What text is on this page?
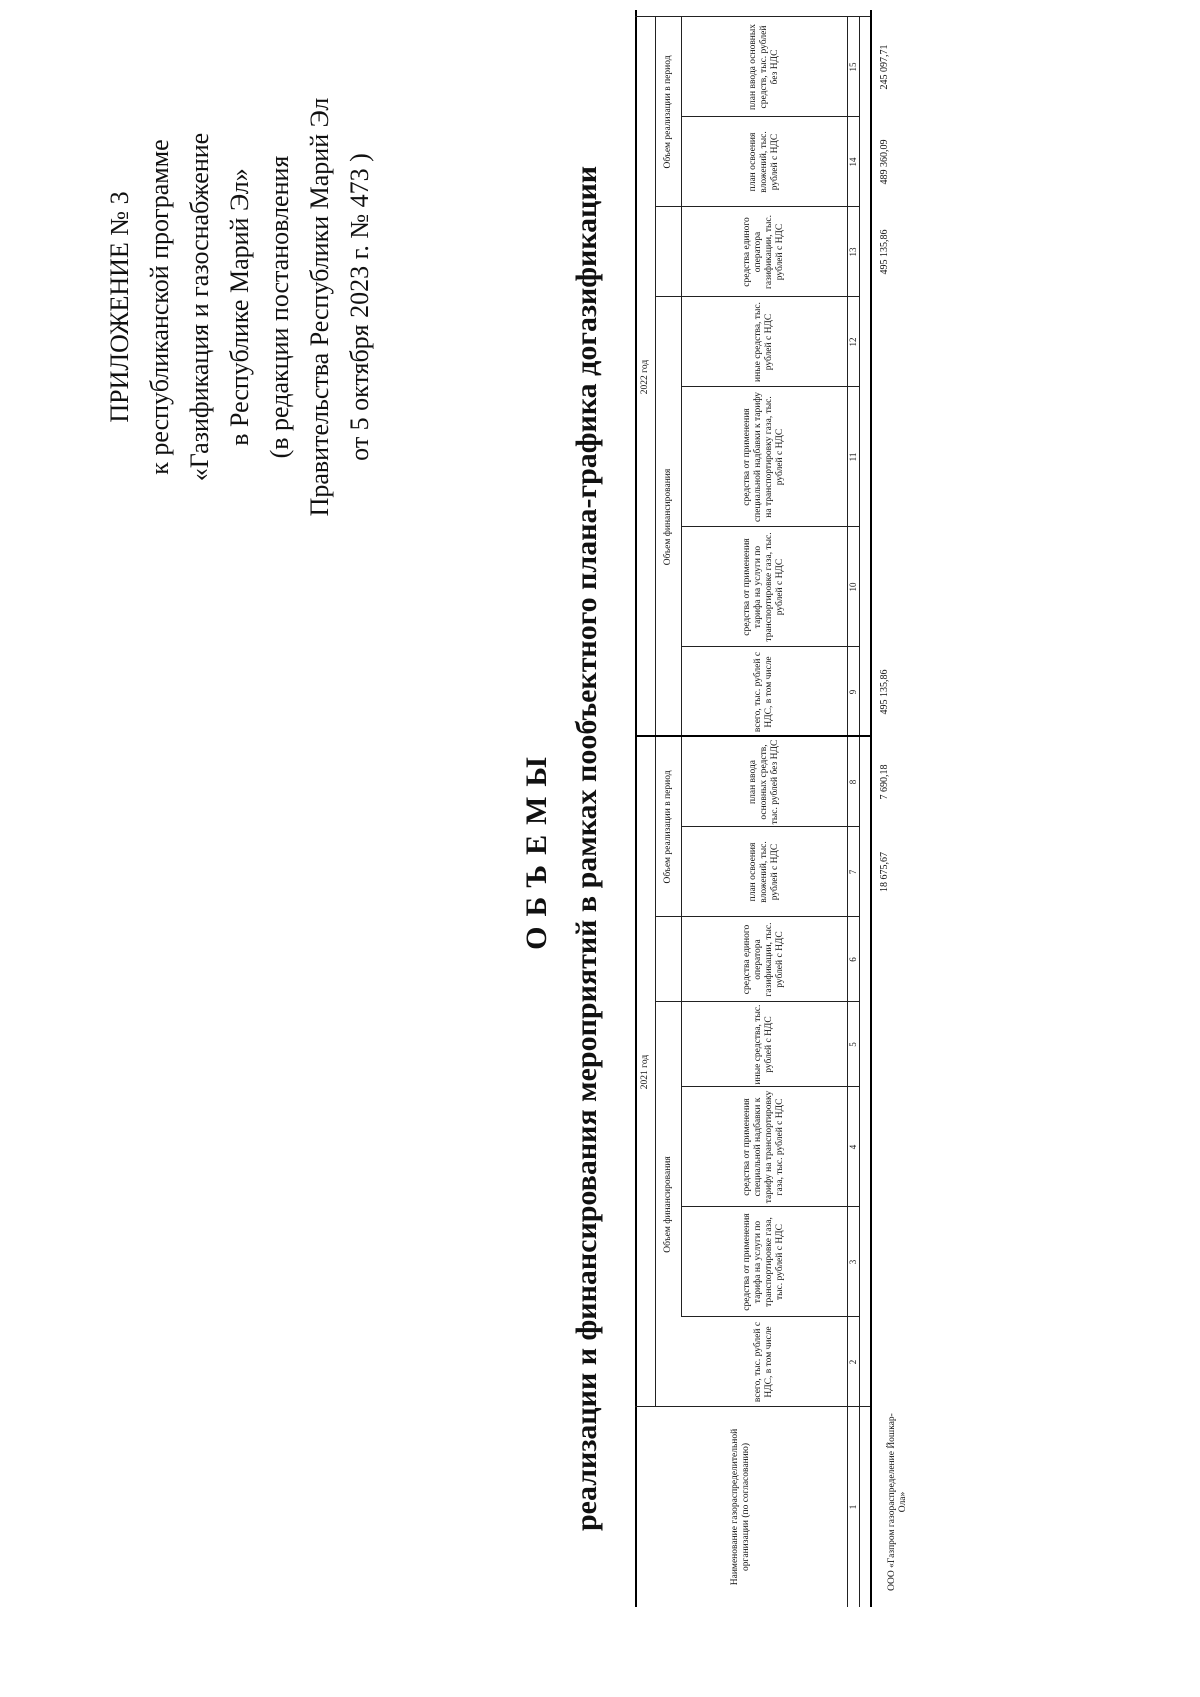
ПРИЛОЖЕНИЕ № 3 к республиканской программе «Газификация и газоснабжение в Республике Марий Эл» (в редакции постановления Правительства Республики Марий Эл от 5 октября 2023 г. № 473 )
ОБЪЕМЫ реализации и финансирования мероприятий в рамках пообъектного плана-графика догазификации	Наименование газораспределительной организации (по согласованию)
2021 год
2022 год
Объем финансирования
Объем реализации в период
Объем финансирования
Объем реализации в период
всего, тыс. рублей с НДС, в том числе
средства от применения тарифа на услуги по транспортировке газа, тыс. рублей с НДС
средства от применения специальной надбавки к тарифу на транспортировку газа, тыс. рублей с НДС
иные средства, тыс. рублей с НДС
средства единого оператора газификации, тыс. рублей с НДС
план освоения вложений, тыс. рублей с НДС
план ввода основных средств, тыс. рублей без НДС
всего, тыс. рублей с НДС, в том числе
средства от применения тарифа на услуги по транспортировке газа, тыс. рублей с НДС
средства от применения специальной надбавки к тарифу на транспортировку газа, тыс. рублей с НДС
иные средства, тыс. рублей с НДС
средства единого оператора газификации, тыс. рублей с НДС
план освоения вложений, тыс. рублей с НДС
план ввода основных средств, тыс. рублей без НДС
1
2
3
4
5
6
7
8
9
10
11
12
13
14
15
ООО «Газпром газораспределение Йошкар-Ола»
18 675,67
7 690,18
495 135,86
495 135,86
489 360,09
245 097,71
